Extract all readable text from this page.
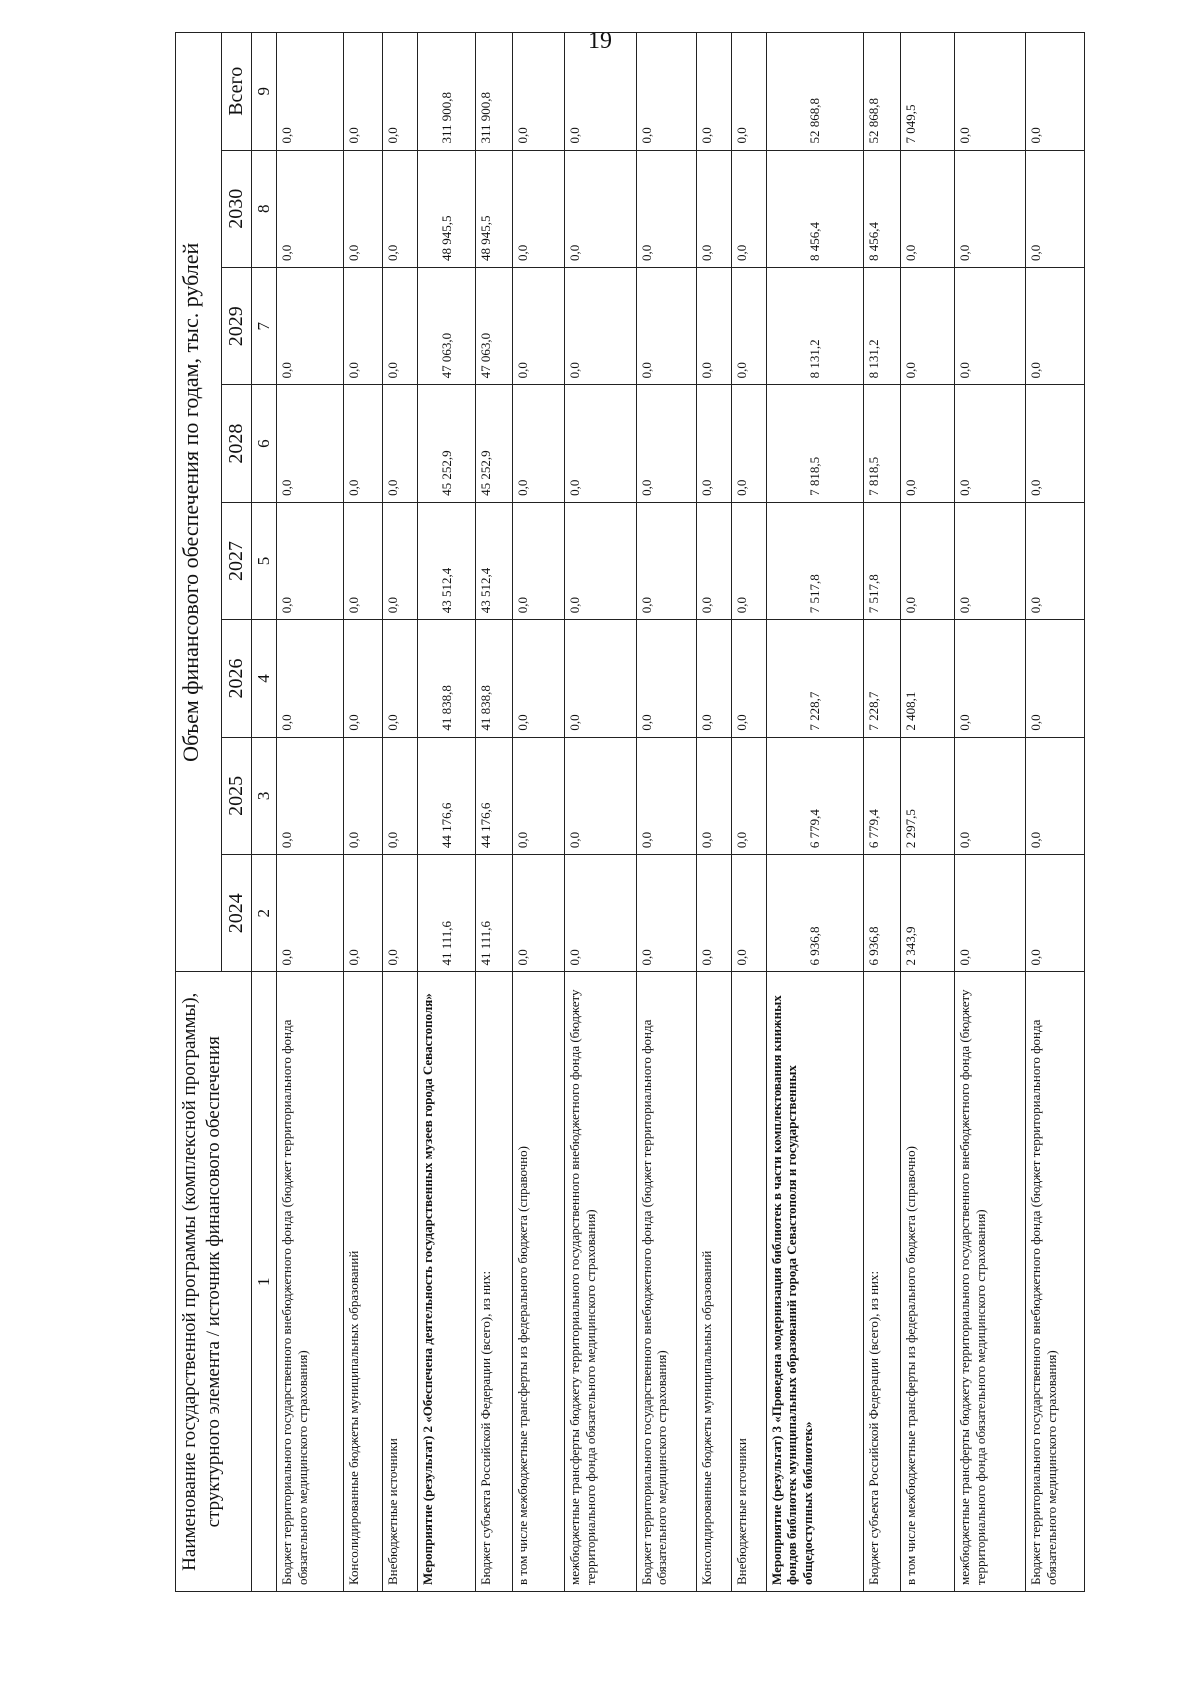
19
Наименование государственной программы (комплексной программы), структурного элемента / источник финансового обеспечения	Объем финансового обеспечения по годам, тыс. рублей							
	2024	2025	2026	2027	2028	2029	2030	Всего
1	2	3	4	5	6	7	8	9
Бюджет территориального государственного внебюджетного фонда (бюджет территориального фонда обязательного медицинского страхования)	0,0	0,0	0,0	0,0	0,0	0,0	0,0	0,0
Консолидированные бюджеты муниципальных образований	0,0	0,0	0,0	0,0	0,0	0,0	0,0	0,0
Внебюджетные источники	0,0	0,0	0,0	0,0	0,0	0,0	0,0	0,0
Мероприятие (результат) 2 «Обеспечена деятельность государственных музеев города Севастополя»	41 111,6	44 176,6	41 838,8	43 512,4	45 252,9	47 063,0	48 945,5	311 900,8
Бюджет субъекта Российской Федерации (всего), из них:	41 111,6	44 176,6	41 838,8	43 512,4	45 252,9	47 063,0	48 945,5	311 900,8
в том числе межбюджетные трансферты из федерального бюджета (справочно)	0,0	0,0	0,0	0,0	0,0	0,0	0,0	0,0
межбюджетные трансферты бюджету территориального государственного внебюджетного фонда (бюджету территориального фонда обязательного медицинского страхования)	0,0	0,0	0,0	0,0	0,0	0,0	0,0	0,0
Бюджет территориального государственного внебюджетного фонда (бюджет территориального фонда обязательного медицинского страхования)	0,0	0,0	0,0	0,0	0,0	0,0	0,0	0,0
Консолидированные бюджеты муниципальных образований	0,0	0,0	0,0	0,0	0,0	0,0	0,0	0,0
Внебюджетные источники	0,0	0,0	0,0	0,0	0,0	0,0	0,0	0,0
Мероприятие (результат) 3 «Проведена модернизация библиотек в части комплектования книжных фондов библиотек муниципальных образований города Севастополя и государственных общедоступных библиотек»	6 936,8	6 779,4	7 228,7	7 517,8	7 818,5	8 131,2	8 456,4	52 868,8
Бюджет субъекта Российской Федерации (всего), из них:	6 936,8	6 779,4	7 228,7	7 517,8	7 818,5	8 131,2	8 456,4	52 868,8
в том числе межбюджетные трансферты из федерального бюджета (справочно)	2 343,9	2 297,5	2 408,1	0,0	0,0	0,0	0,0	7 049,5
межбюджетные трансферты бюджету территориального государственного внебюджетного фонда (бюджету территориального фонда обязательного медицинского страхования)	0,0	0,0	0,0	0,0	0,0	0,0	0,0	0,0
Бюджет территориального государственного внебюджетного фонда (бюджет территориального фонда обязательного медицинского страхования)	0,0	0,0	0,0	0,0	0,0	0,0	0,0	0,0
